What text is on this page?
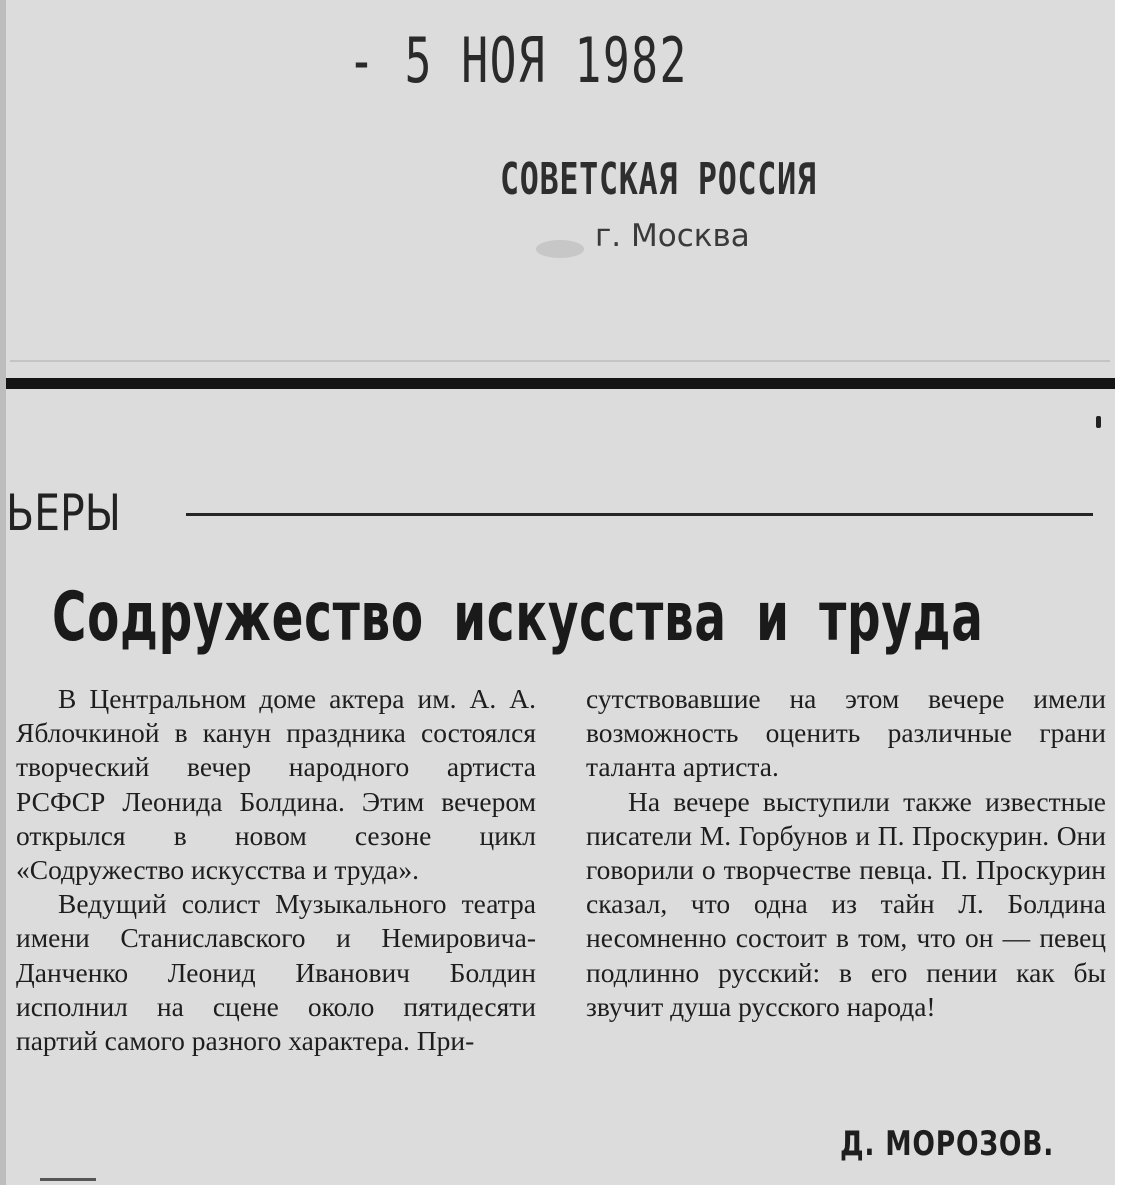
- 5 НОЯ 1982
СОВЕТСКАЯ РОССИЯ
г. Москва
ЬЕРЫ
Содружество искусства и труда

В Центральном доме актера им. А. А. Яблочкиной в канун праздника состоялся творческий вечер народного артиста РСФСР Леонида Болдина. Этим вечером открылся в новом сезоне цикл «Содружество искусства и труда».

Ведущий солист Музыкального театра имени Станиславского и Немировича-Данченко Леонид Иванович Болдин исполнил на сцене около пятидесяти партий самого разного характера. При-

сутствовавшие на этом вечере имели возможность оценить различные грани таланта артиста.

На вечере выступили также известные писатели М. Горбунов и П. Проскурин. Они говорили о творчестве певца. П. Проскурин сказал, что одна из тайн Л. Болдина несомненно состоит в том, что он — певец подлинно русский: в его пении как бы звучит душа русского народа!

Д. МОРОЗОВ.
